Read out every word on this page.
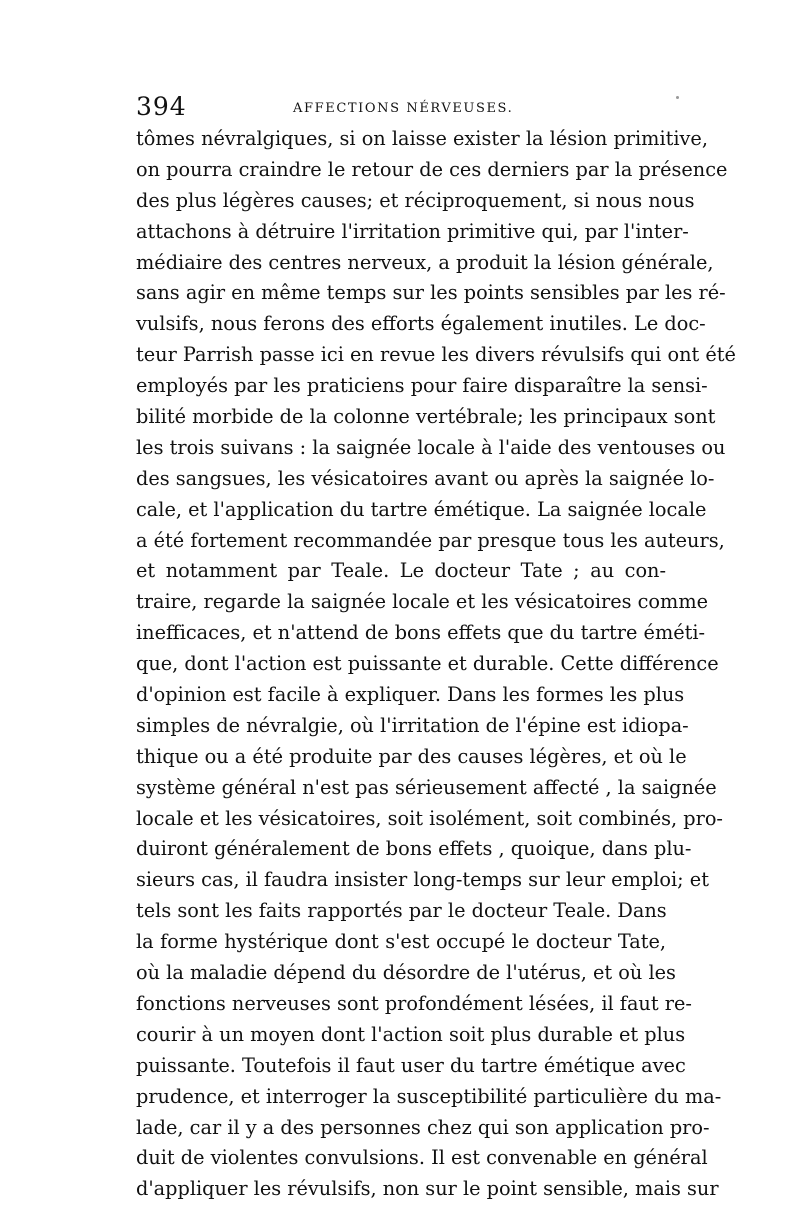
394	AFFECTIONS NÉRVEUSES.
tômes névralgiques, si on laisse exister la lésion primitive,
on pourra craindre le retour de ces derniers par la présence
des plus légères causes; et réciproquement, si nous nous
attachons à détruire l'irritation primitive qui, par l'inter-
médiaire des centres nerveux, a produit la lésion générale,
sans agir en même temps sur les points sensibles par les ré-
vulsifs, nous ferons des efforts également inutiles. Le doc-
teur Parrish passe ici en revue les divers révulsifs qui ont été
employés par les praticiens pour faire disparaître la sensi-
bilité morbide de la colonne vertébrale; les principaux sont
les trois suivans : la saignée locale à l'aide des ventouses ou
des sangsues, les vésicatoires avant ou après la saignée lo-
cale, et l'application du tartre émétique. La saignée locale
a été fortement recommandée par presque tous les auteurs,
et notamment par Teale. Le docteur Tate ; au con-
traire, regarde la saignée locale et les vésicatoires comme
inefficaces, et n'attend de bons effets que du tartre éméti-
que, dont l'action est puissante et durable. Cette différence
d'opinion est facile à expliquer. Dans les formes les plus
simples de névralgie, où l'irritation de l'épine est idiopa-
thique ou a été produite par des causes légères, et où le
système général n'est pas sérieusement affecté , la saignée
locale et les vésicatoires, soit isolément, soit combinés, pro-
duiront généralement de bons effets , quoique, dans plu-
sieurs cas, il faudra insister long-temps sur leur emploi; et
tels sont les faits rapportés par le docteur Teale. Dans
la forme hystérique dont s'est occupé le docteur Tate,
où la maladie dépend du désordre de l'utérus, et où les
fonctions nerveuses sont profondément lésées, il faut re-
courir à un moyen dont l'action soit plus durable et plus
puissante. Toutefois il faut user du tartre émétique avec
prudence, et interroger la susceptibilité particulière du ma-
lade, car il y a des personnes chez qui son application pro-
duit de violentes convulsions. Il est convenable en général
d'appliquer les révulsifs, non sur le point sensible, mais sur
